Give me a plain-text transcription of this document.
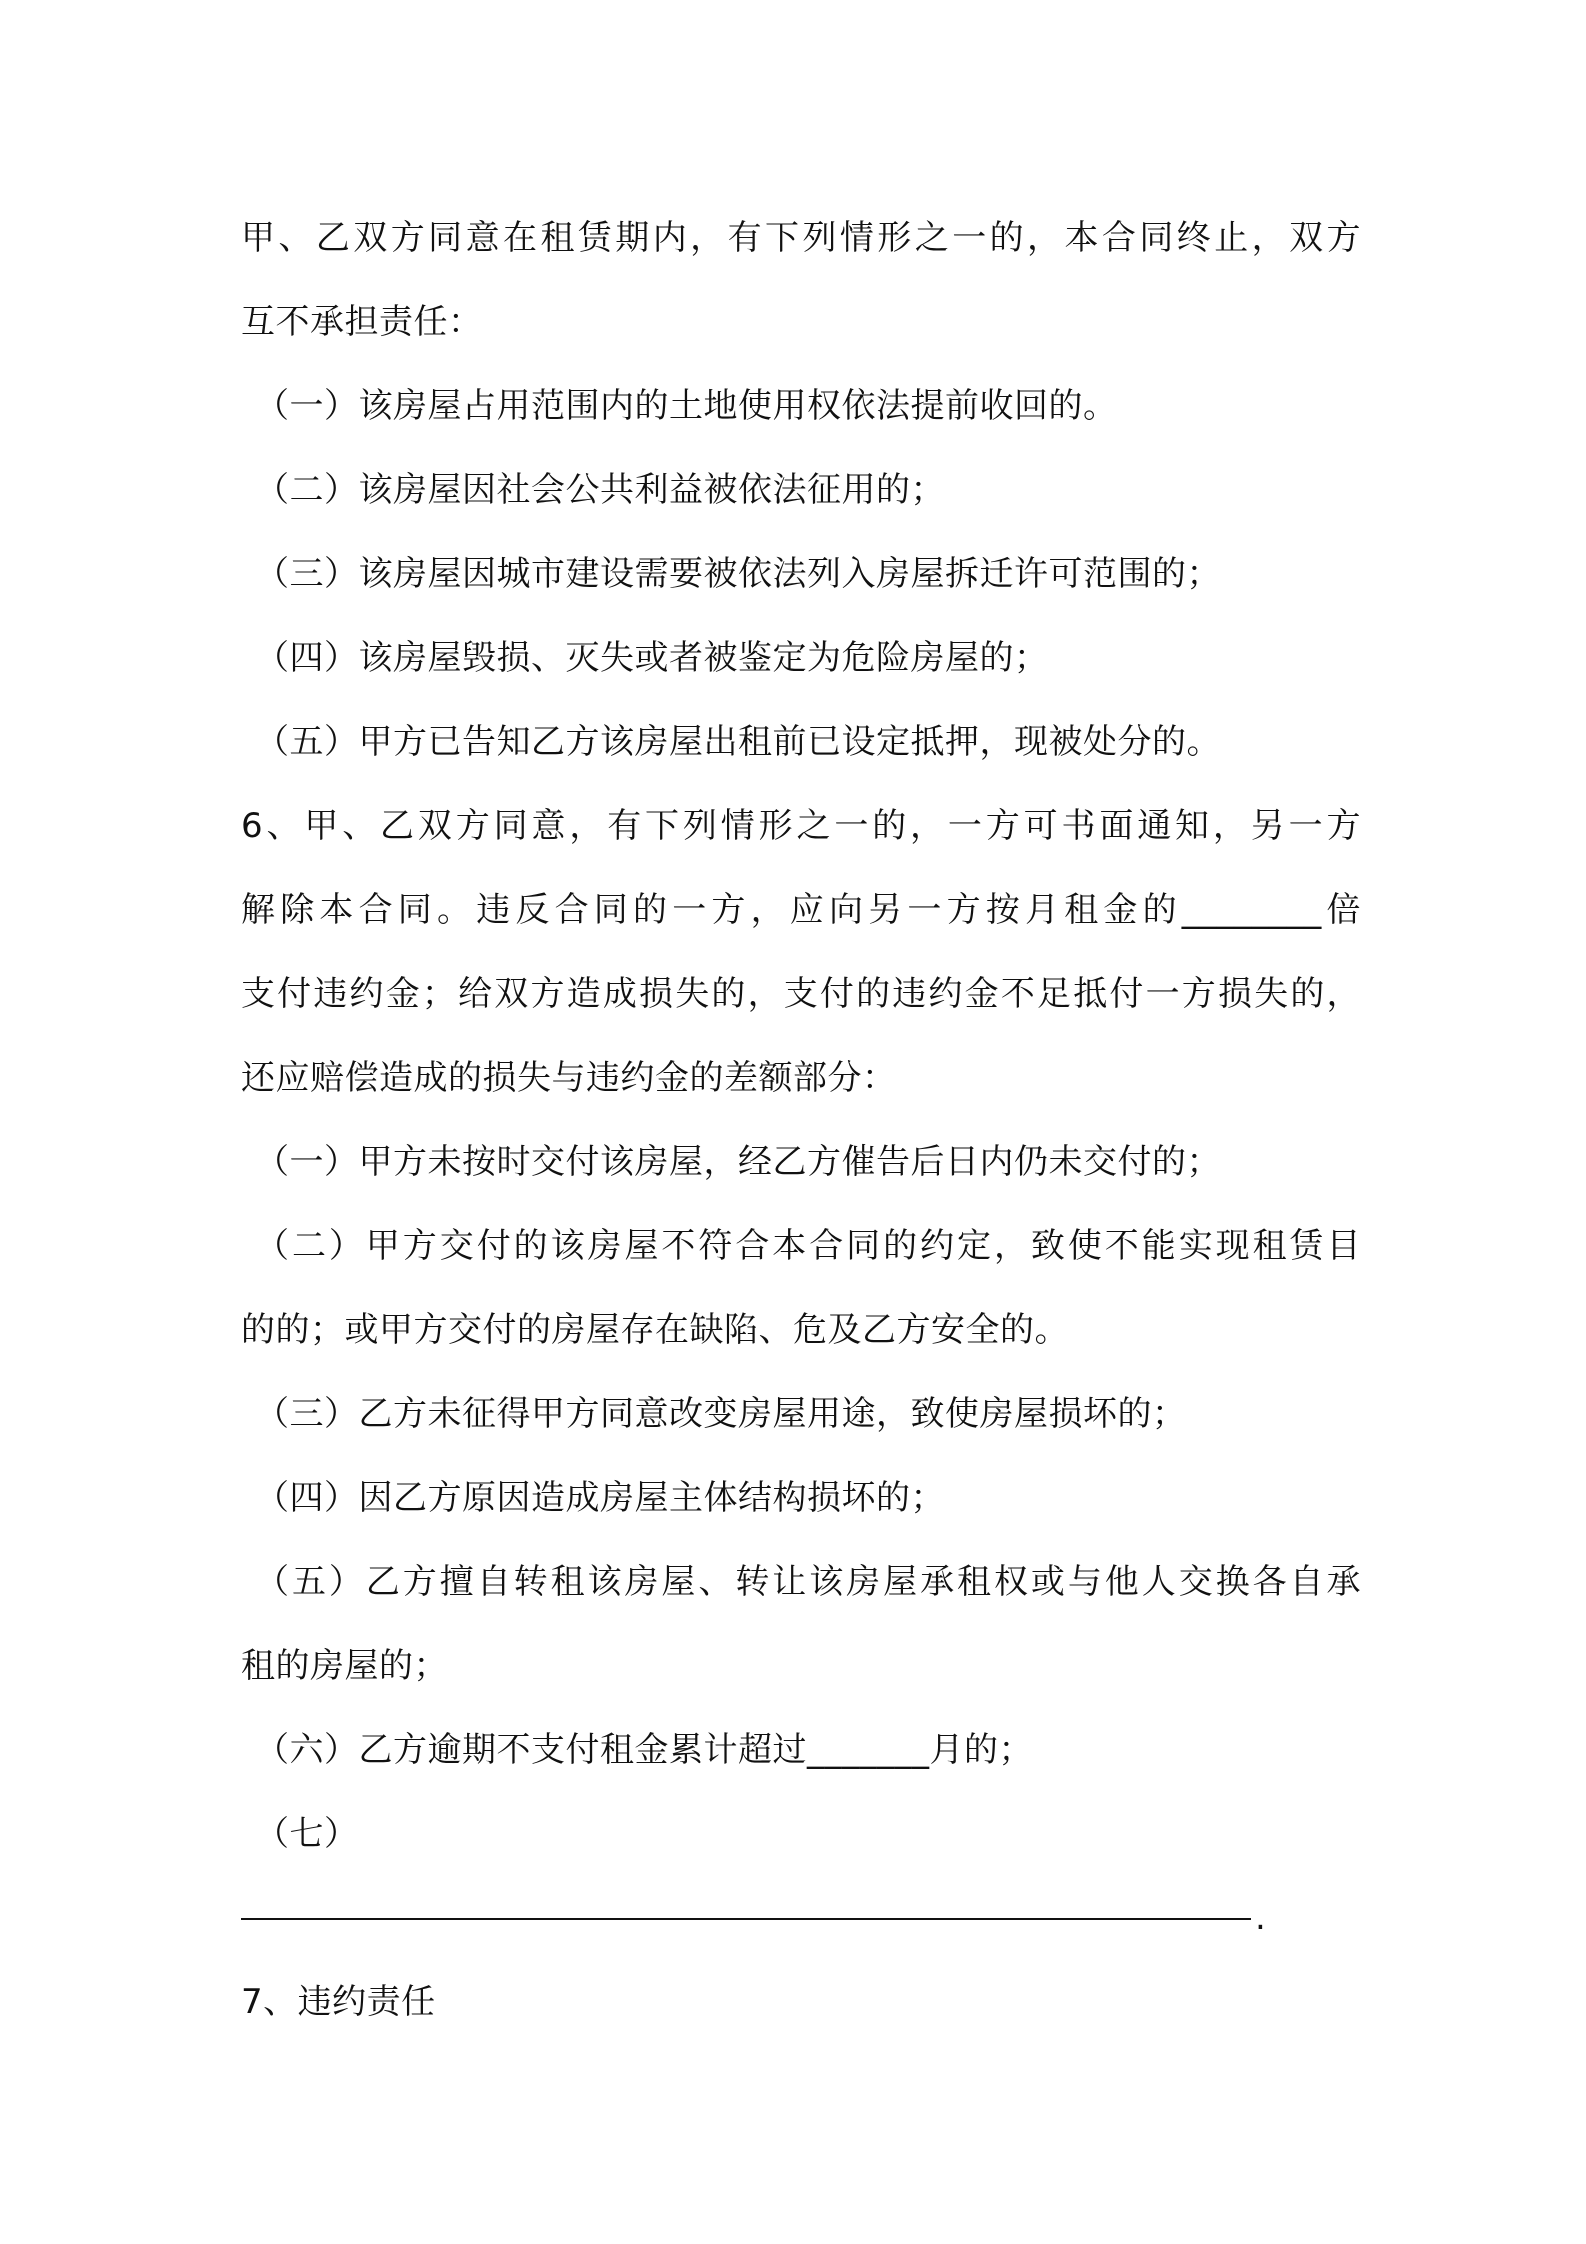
甲、乙双方同意在租赁期内，有下列情形之一的，本合同终止，双方
互不承担责任：
（一）该房屋占用范围内的土地使用权依法提前收回的。
（二）该房屋因社会公共利益被依法征用的；
（三）该房屋因城市建设需要被依法列入房屋拆迁许可范围的；
（四）该房屋毁损、灭失或者被鉴定为危险房屋的；
（五）甲方已告知乙方该房屋出租前已设定抵押，现被处分的。
6、甲、乙双方同意，有下列情形之一的，一方可书面通知，另一方
解除本合同。违反合同的一方，应向另一方按月租金的________倍
支付违约金；给双方造成损失的，支付的违约金不足抵付一方损失的，
还应赔偿造成的损失与违约金的差额部分：
（一）甲方未按时交付该房屋，经乙方催告后日内仍未交付的；
（二）甲方交付的该房屋不符合本合同的约定，致使不能实现租赁目
的的；或甲方交付的房屋存在缺陷、危及乙方安全的。
（三）乙方未征得甲方同意改变房屋用途，致使房屋损坏的；
（四）因乙方原因造成房屋主体结构损坏的；
（五）乙方擅自转租该房屋、转让该房屋承租权或与他人交换各自承
租的房屋的；
（六）乙方逾期不支付租金累计超过_______月的；
（七）
.
7、违约责任
